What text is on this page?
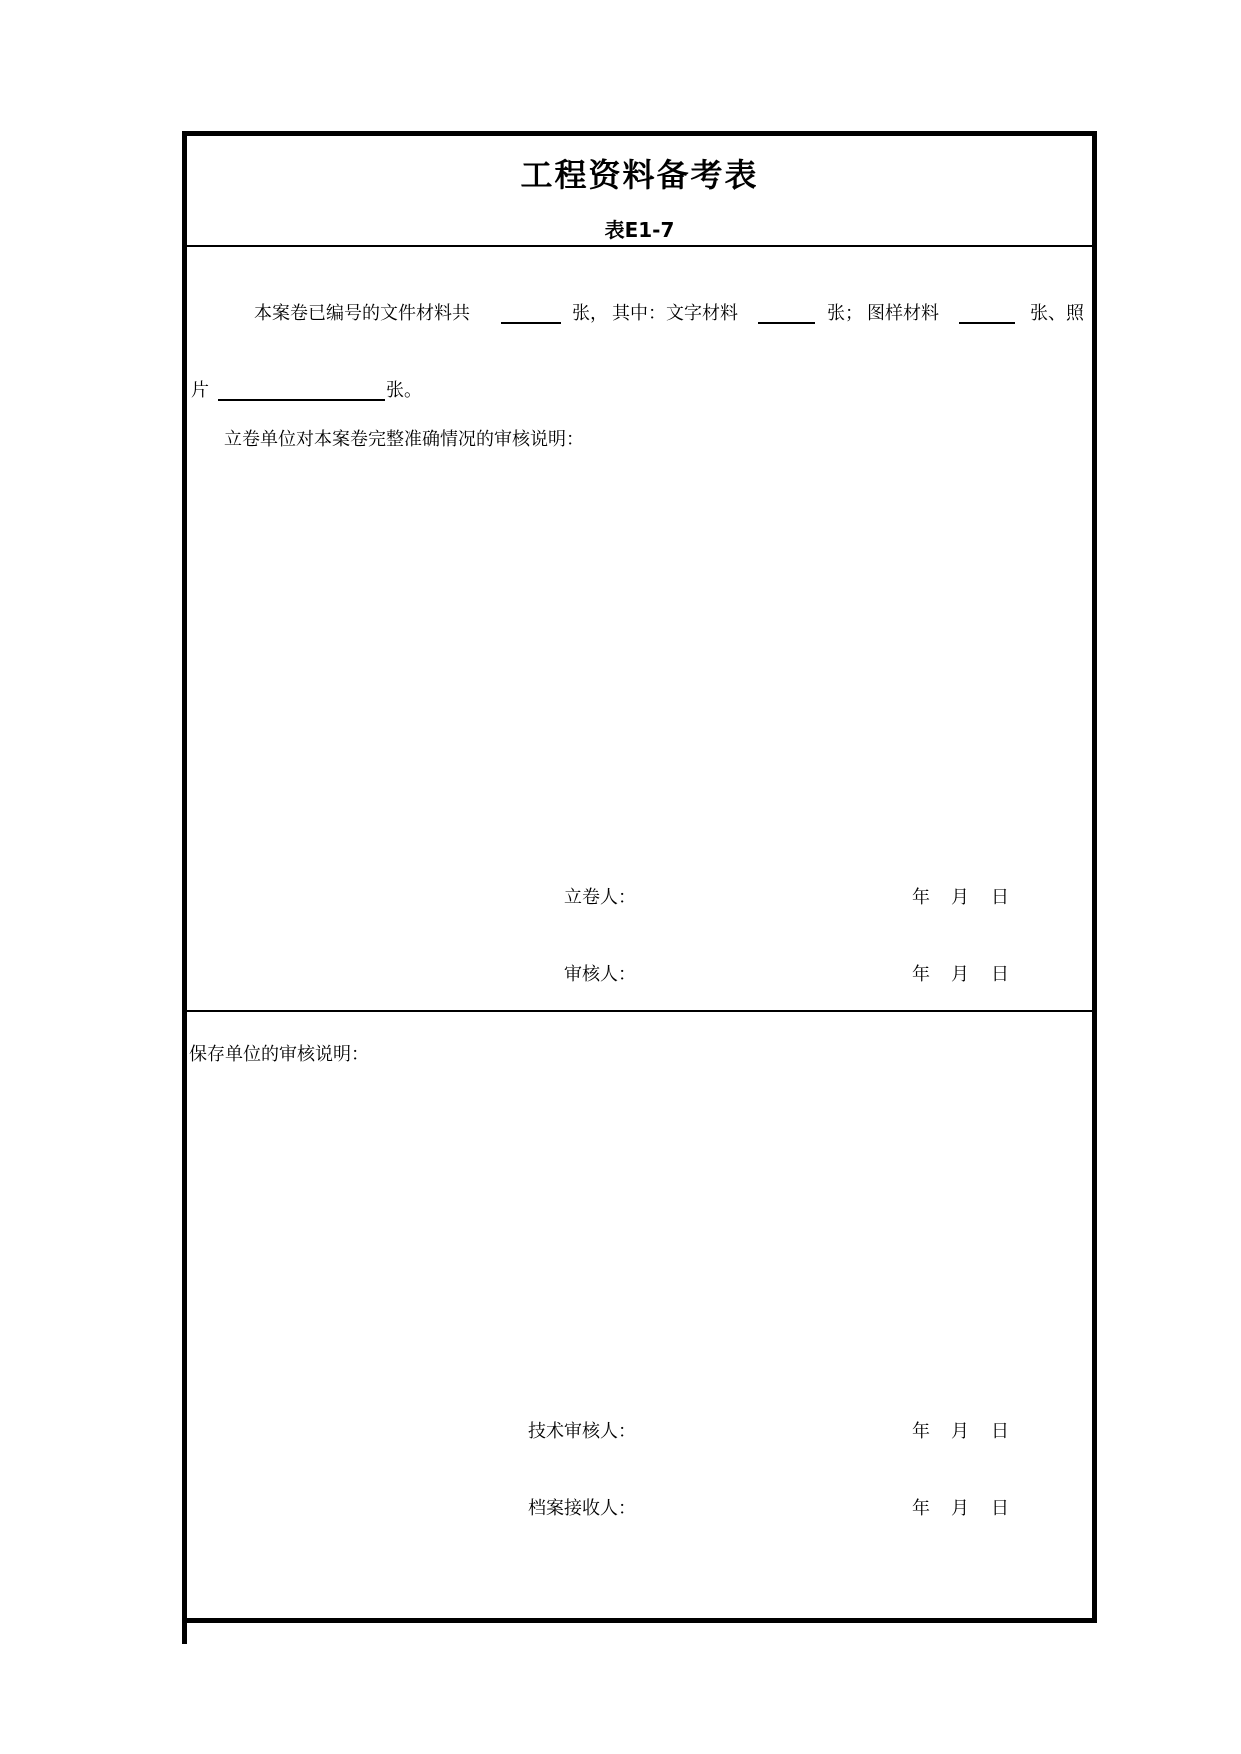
工程资料备考表
表E1-7
本案卷已编号的文件材料共	张， 其中：文字材料	张； 图样材料	张、照
片	张。
立卷单位对本案卷完整准确情况的审核说明：
立卷人：	年 月 日
审核人：	年 月 日
保存单位的审核说明：
技术审核人：	年 月 日
档案接收人：	年 月 日
